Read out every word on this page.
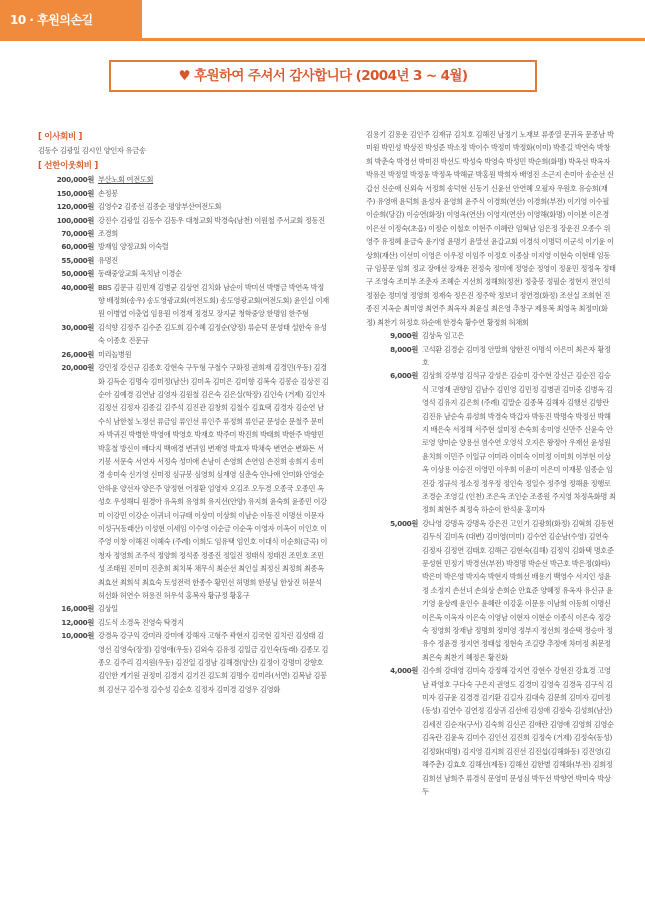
10 · 후원의손길
♥ 후원하여 주셔서 감사합니다 (2004년 3 ~ 4월)
[ 이사회비 ]
김동수 김광일 김시인 양인자 유금송
[ 선한이웃회비 ]
200,000원 부산노회 여전도회
150,000원 손정봉
120,000원 김영수2 김종선 김종순 평양부산여전도회
100,000원 강진수 김광일 김동수 김동우 대청교회 박경숙(남천) 이원철 주서교회 정동진
70,000원 조경희
60,000원 방재임 양정교회 이숙렬
55,000원 유명진
50,000원 동래중앙교회 옥치남 이경순
40,000원 BBS 김문규 김민재 김병균 김상연 김치화 남순이 박미선 박병금 박연옥 박정향 배정희(송우) 송도영광교회(여전도회) 송도영광교회(여전도회) 윤인실 이재원 이병엽 이충엽 임용원 이경재 정경모 장지균 청학중앙 한명임 한주형
30,000원 김석향 김정주 김수준 김도희 김수혜 김정순(양정) 류순덕 문성태 설한숙 유성숙 이종호 진문규
26,000원 미리놀병원
20,000원 강민정 강신규 김종호 강현숙 구두형 구철수 구화정 권희재 김경민(우동) 김경화 김득순 김명숙 김미정(남산) 김미옥 김미은 김미향 김복숙 김봉순 김상진 김순아 김예경 김연남 김영자 김원철 김은숙 김은실(학장) 김인숙 (거제) 김인자 김정선 김정자 김종길 김주석 김진관 김창희 김철수 김효택 김경자 김순연 남수식 남한철 노정선 류금임 류인선 류인주 류정희 류인균 문성순 문철주 문미자 박귀진 박병한 박영애 박영호 박재호 박주미 박진희 박태희 박한주 박향민 박홍철 방신이 배다지 백애경 변귀임 변재영 박효자 박채숙 변연순 변화돈 서기봉 서문숙 서연자 서정숙 성미애 손남이 손영희 손연임 손진희 송희지 송미경 송미숙 신기영 신미정 심규봉 심영희 심재영 심춘숙 안나애 안미화 안영순 안하윤 양선자 양은주 양정현 어정환 엄영자 오김조 오두경 오종국 오종민 옥성호 우성해디 원경아 유옥희 유영희 유지선(안양) 유지희 윤숙희 윤종민 이강미 이강민 이강순 이귀녀 이규태 이상미 이상희 이남순 이동진 이명선 이문자 이성구(동래산) 이성현 이세임 이수영 이순금 이순옥 이영자 이옥이 이인호 이주영 이창 이해진 이혜숙 (주례) 이희도 임유택 임인호 이대식 이순희(금곡) 이청자 정영희 조주석 정양희 정석종 정종진 정일진 정태식 정태진 조민호 조민성 조태원 진미미 진춘희 최치복 채무식 최순선 최인실 최정신 최정희 최종옥 최효선 최희석 최효숙 토성전력 한종수 황민선 허명희 한봉님 한상진 허문석 허선화 허연수 허용진 허우석 홍복자 황규정 황홍구
16,000원 김상일
12,000원 김도식 소경옥 진영숙 탁경지
10,000원 강경옥 강구익 강미라 강미애 강해자 고형주 곽현지 김국현 김치린 김성태 김영선 김영숙(장정) 김영애(우동) 김외숙 김유정 김일금 김인숙(동래) 김종모 김종오 김주리 김지원(우동) 김진일 김정남 김해경(양산) 김정이 강명미 강향호 김인한 게기원 권정미 김경지 김기진 김도희 김명수 김미라(서면) 김복남 김봉희 김선구 김수정 김수성 김순호 김정자 김미경 김영우 김영화
김용기 김용운 김인주 김재규 김치호 김해진 남정기 노재보 류종열 문귀옥 문종남 박미원 박민성 박상진 박성준 박소정 박이수 박정미 박정화(이미) 박종길 박연숙 박창희 박춘숙 박경선 박미진 박선도 박성숙 박영숙 박성민 박순희(화명) 박옥선 박옥자 박유진 박정열 박정웅 박정옥 박해균 박홍원 박희자 배영진 소근지 손미아 송순선 신갑선 신순애 신외숙 서정희 송덕현 신동기 신윤선 안연혜 오필자 우원호 유승희(재주) 유영애 윤덕희 윤성자 윤영희 윤주식 이경희(연산) 이경희(부전) 이기영 이수필 이순희(당감) 이승연(화장) 이영옥(연산) 이영지(연산) 이영해(화명) 이이분 이은경 이은선 이정숙(초읍) 이정순 이철호 이현주 이혜란 임혁남 임은정 장운진 오종수 위영주 유정혜 윤금숙 윤기영 윤명기 윤말선 윤갑교회 이경석 이명덕 이군석 이기윤 이상희(재산) 이선미 이영은 이우정 이임주 이정호 이종삼 이지영 이현숙 이현태 임동규 임봉문 임희 정교 장애선 장재운 전정숙 정미애 정영순 정영이 정윤민 정정옥 정태구 조영숙 조미부 조춘자 조혜순 지선희 정해희(정전) 정충봉 정필순 정현지 전인석 정점순 정미영 정영희 정재숙 정은진 정주학 정보녀 정연경(화정) 조선실 조희현 진종진 지옥순 최미영 최연주 최옥자 최윤실 최은영 추창구 제용복 최영옥 최정미(화정) 최찬기 허정호 하순애 한경숙 황수연 황정희 허채희
9,000원 김상옥 임고은
8,000원 고석환 김경순 김미정 안말희 양한진 이명석 이은미 최은자 황정호
6,000원 김상희 강부영 김석규 강성은 김승미 강수현 강신근 김순진 김승식 고영재 권향임 김남수 김민영 김민정 김병권 김미중 김병옥 김영석 김유지 김은희 (주례) 김말순 김종복 김해자 김행선 김향란 김진유 남순숙 류성희 박경숙 박갑자 박동진 박명숙 박정선 박해지 배은숙 서정해 서주현 설미정 손숙희 송미영 신만주 신윤숙 안로영 양미순 양용선 염수연 오영석 오지은 왕정아 우재선 윤성원 윤치희 이민주 이일규 이미라 이미숙 이미정 이미희 이부현 이상옥 이상용 이승진 이영민 이우희 이윤미 이은미 이재봉 임종순 임진강 정규석 정소정 정우정 정인숙 정일수 정주영 정해윤 정행로 조경순 조영길 (인천) 조은옥 조인순 조종원 주지영 차정옥화명 최정희 최현주 최정숙 하순이 한석윤 홍미자
5,000원 강나영 강명옥 강명옥 강은진 고인기 김광희(화정) 김혁희 김동현 김두식 김미옥 (대변) 김미영(미미) 김수연 김순남(수영) 김연숙 김정자 김정연 김태호 김해근 김현숙(김해) 김정익 김화택 명호준 문성현 민정기 박경선(부전) 박경명 박순선 박근호 박은정(화타) 박은미 박은영 박지숙 박현지 박희선 배용기 백영수 서지인 성윤정 소정지 손선녀 손의상 손희순 안효준 양혜정 유옥자 유신규 윤기영 윤상례 윤인수 윤혜란 이강훈 이문용 이남희 이동희 이명신 이은옥 이옥자 이은숙 이영남 이현자 이현순 이종식 이은숙 정강숙 정영희 장재남 정명희 정미영 정부지 정선희 정순택 정승아 정유수 정윤경 정지연 정태섭 정현숙 조길량 추정애 차미정 최문정 최은숙 최찬기 혜정은 황진화
4,000원 김수희 강대영 김미숙 강정해 강지연 강현수 강현진 강효경 고영남 곽영호 구다숙 구은지 권영도 김경미 김영숙 김경옥 김구식 김미자 김규윤 김경경 김기환 김길자 김대숙 김문희 김미자 김미정(동성) 김연수 김연정 김상귀 김선애 김성애 김정숙 김성희(남산) 김세진 김순자(구서) 김숙희 김신곤 김애란 김영애 김영희 김영순 김옥란 김윤옥 김미수 김인선 김진희 김정숙 (거제) 김정숙(동성) 김정화(대명) 김지영 김지희 김진선 김진섭(김해화동) 김진영(김해주춘) 김효호 김해선(제동) 김해선 김한별 김해화(부전) 김희정 김희선 남희주 류경식 문영미 문성심 박두선 박향연 박미숙 박상두
